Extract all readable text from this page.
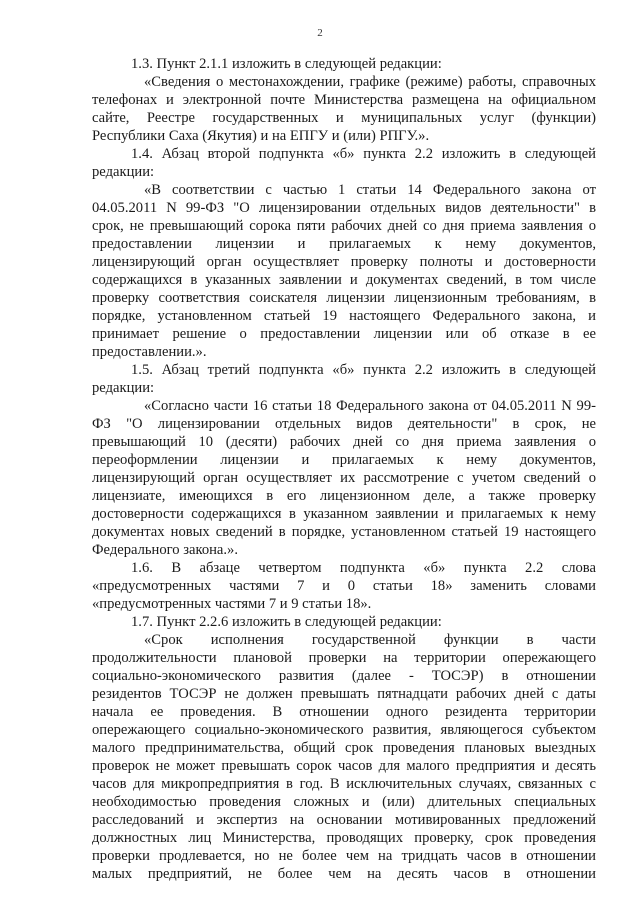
2
1.3. Пункт 2.1.1 изложить в следующей редакции:
«Сведения о местонахождении, графике (режиме) работы, справочных
телефонах и электронной почте Министерства размещена на официальном
сайте, Реестре государственных и муниципальных услуг (функции)
Республики Саха (Якутия) и на ЕПГУ и (или) РПГУ.».
1.4. Абзац второй подпункта «б» пункта 2.2 изложить в следующей
редакции:
«В соответствии с частью 1 статьи 14 Федерального закона от
04.05.2011 N 99-ФЗ "О лицензировании отдельных видов деятельности" в
срок, не превышающий сорока пяти рабочих дней со дня приема заявления о
предоставлении лицензии и прилагаемых к нему документов,
лицензирующий орган осуществляет проверку полноты и достоверности
содержащихся в указанных заявлении и документах сведений, в том числе
проверку соответствия соискателя лицензии лицензионным требованиям, в
порядке, установленном статьей 19 настоящего Федерального закона, и
принимает решение о предоставлении лицензии или об отказе в ее
предоставлении.».
1.5. Абзац третий подпункта «б» пункта 2.2 изложить в следующей
редакции:
«Согласно части 16 статьи 18 Федерального закона от 04.05.2011 N 99-
ФЗ "О лицензировании отдельных видов деятельности" в срок, не
превышающий 10 (десяти) рабочих дней со дня приема заявления о
переоформлении лицензии и прилагаемых к нему документов,
лицензирующий орган осуществляет их рассмотрение с учетом сведений о
лицензиате, имеющихся в его лицензионном деле, а также проверку
достоверности содержащихся в указанном заявлении и прилагаемых к нему
документах новых сведений в порядке, установленном статьей 19 настоящего
Федерального закона.».
1.6. В абзаце четвертом подпункта «б» пункта 2.2 слова
«предусмотренных частями 7 и 0 статьи 18» заменить словами
«предусмотренных частями 7 и 9 статьи 18».
1.7. Пункт 2.2.6 изложить в следующей редакции:
«Срок исполнения государственной функции в части
продолжительности плановой проверки на территории опережающего
социально-экономического развития (далее - ТОСЭР) в отношении
резидентов ТОСЭР не должен превышать пятнадцати рабочих дней с даты
начала ее проведения. В отношении одного резидента территории
опережающего социально-экономического развития, являющегося субъектом
малого предпринимательства, общий срок проведения плановых выездных
проверок не может превышать сорок часов для малого предприятия и десять
часов для микропредприятия в год. В исключительных случаях, связанных с
необходимостью проведения сложных и (или) длительных специальных
расследований и экспертиз на основании мотивированных предложений
должностных лиц Министерства, проводящих проверку, срок проведения
проверки продлевается, но не более чем на тридцать часов в отношении
малых предприятий, не более чем на десять часов в отношении
